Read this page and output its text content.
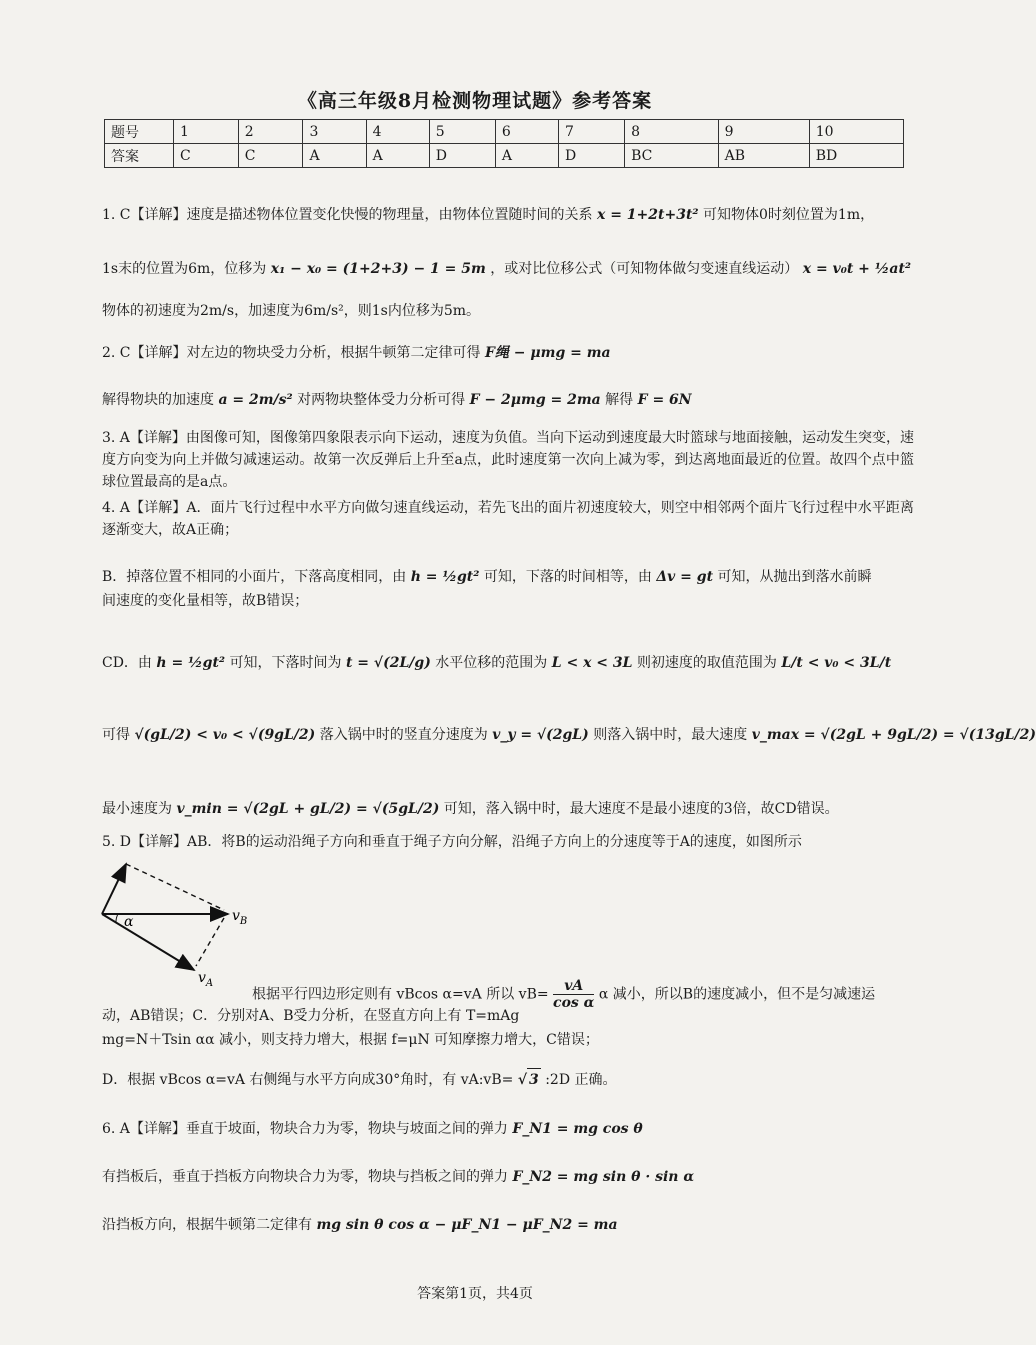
《高三年级8月检测物理试题》参考答案
题号	1	2	3	4	5	6	7	8	9	10
答案	C	C	A	A	D	A	D	BC	AB	BD
1. C【详解】速度是描述物体位置变化快慢的物理量，由物体位置随时间的关系 x = 1+2t+3t² 可知物体0时刻位置为1m，
1s末的位置为6m，位移为 x₁ − x₀ = (1+2+3) − 1 = 5m ，或对比位移公式（可知物体做匀变速直线运动） x = v₀t + ½at²
物体的初速度为2m/s，加速度为6m/s²，则1s内位移为5m。
2. C【详解】对左边的物块受力分析，根据牛顿第二定律可得 F绳 − μmg = ma
解得物块的加速度 a = 2m/s² 对两物块整体受力分析可得 F − 2μmg = 2ma 解得 F = 6N
3. A【详解】由图像可知，图像第四象限表示向下运动，速度为负值。当向下运动到速度最大时篮球与地面接触，运动发生突变，速度方向变为向上并做匀减速运动。故第一次反弹后上升至a点，此时速度第一次向上减为零，到达离地面最近的位置。故四个点中篮球位置最高的是a点。
4. A【详解】A．面片飞行过程中水平方向做匀速直线运动，若先飞出的面片初速度较大，则空中相邻两个面片飞行过程中水平距离逐渐变大，故A正确；
B．掉落位置不相同的小面片，下落高度相同，由 h = ½gt² 可知，下落的时间相等，由 Δv = gt 可知，从抛出到落水前瞬
间速度的变化量相等，故B错误；
CD．由 h = ½gt² 可知，下落时间为 t = √(2L/g) 水平位移的范围为 L < x < 3L 则初速度的取值范围为 L/t < v₀ < 3L/t
可得 √(gL/2) < v₀ < √(9gL/2) 落入锅中时的竖直分速度为 v_y = √(2gL) 则落入锅中时，最大速度 v_max = √(2gL + 9gL/2) = √(13gL/2)
最小速度为 v_min = √(2gL + gL/2) = √(5gL/2) 可知，落入锅中时，最大速度不是最小速度的3倍，故CD错误。
5. D【详解】AB．将B的运动沿绳子方向和垂直于绳子方向分解，沿绳子方向上的分速度等于A的速度，如图所示
α	$v_B$
$v_A$
根据平行四边形定则有 vBcos α=vA 所以 $vB= \frac{vA}{\text{cos α}}$ α 减小，所以B的速度减小，但不是匀减速运
动，AB错误；C．分别对A、B受力分析，在竖直方向上有 T=mAg
mg=N＋Tsin αα 减小，则支持力增大，根据 f=μN 可知摩擦力增大，C错误；
D．根据 vBcos α=vA 右侧绳与水平方向成30°角时，有 vA:vB= √ 3 :2D 正确。
6. A【详解】垂直于坡面，物块合力为零，物块与坡面之间的弹力 F_N1 = mg cos θ
有挡板后，垂直于挡板方向物块合力为零，物块与挡板之间的弹力 F_N2 = mg sin θ · sin α
沿挡板方向，根据牛顿第二定律有 mg sin θ cos α − μF_N1 − μF_N2 = ma
答案第1页，共4页
